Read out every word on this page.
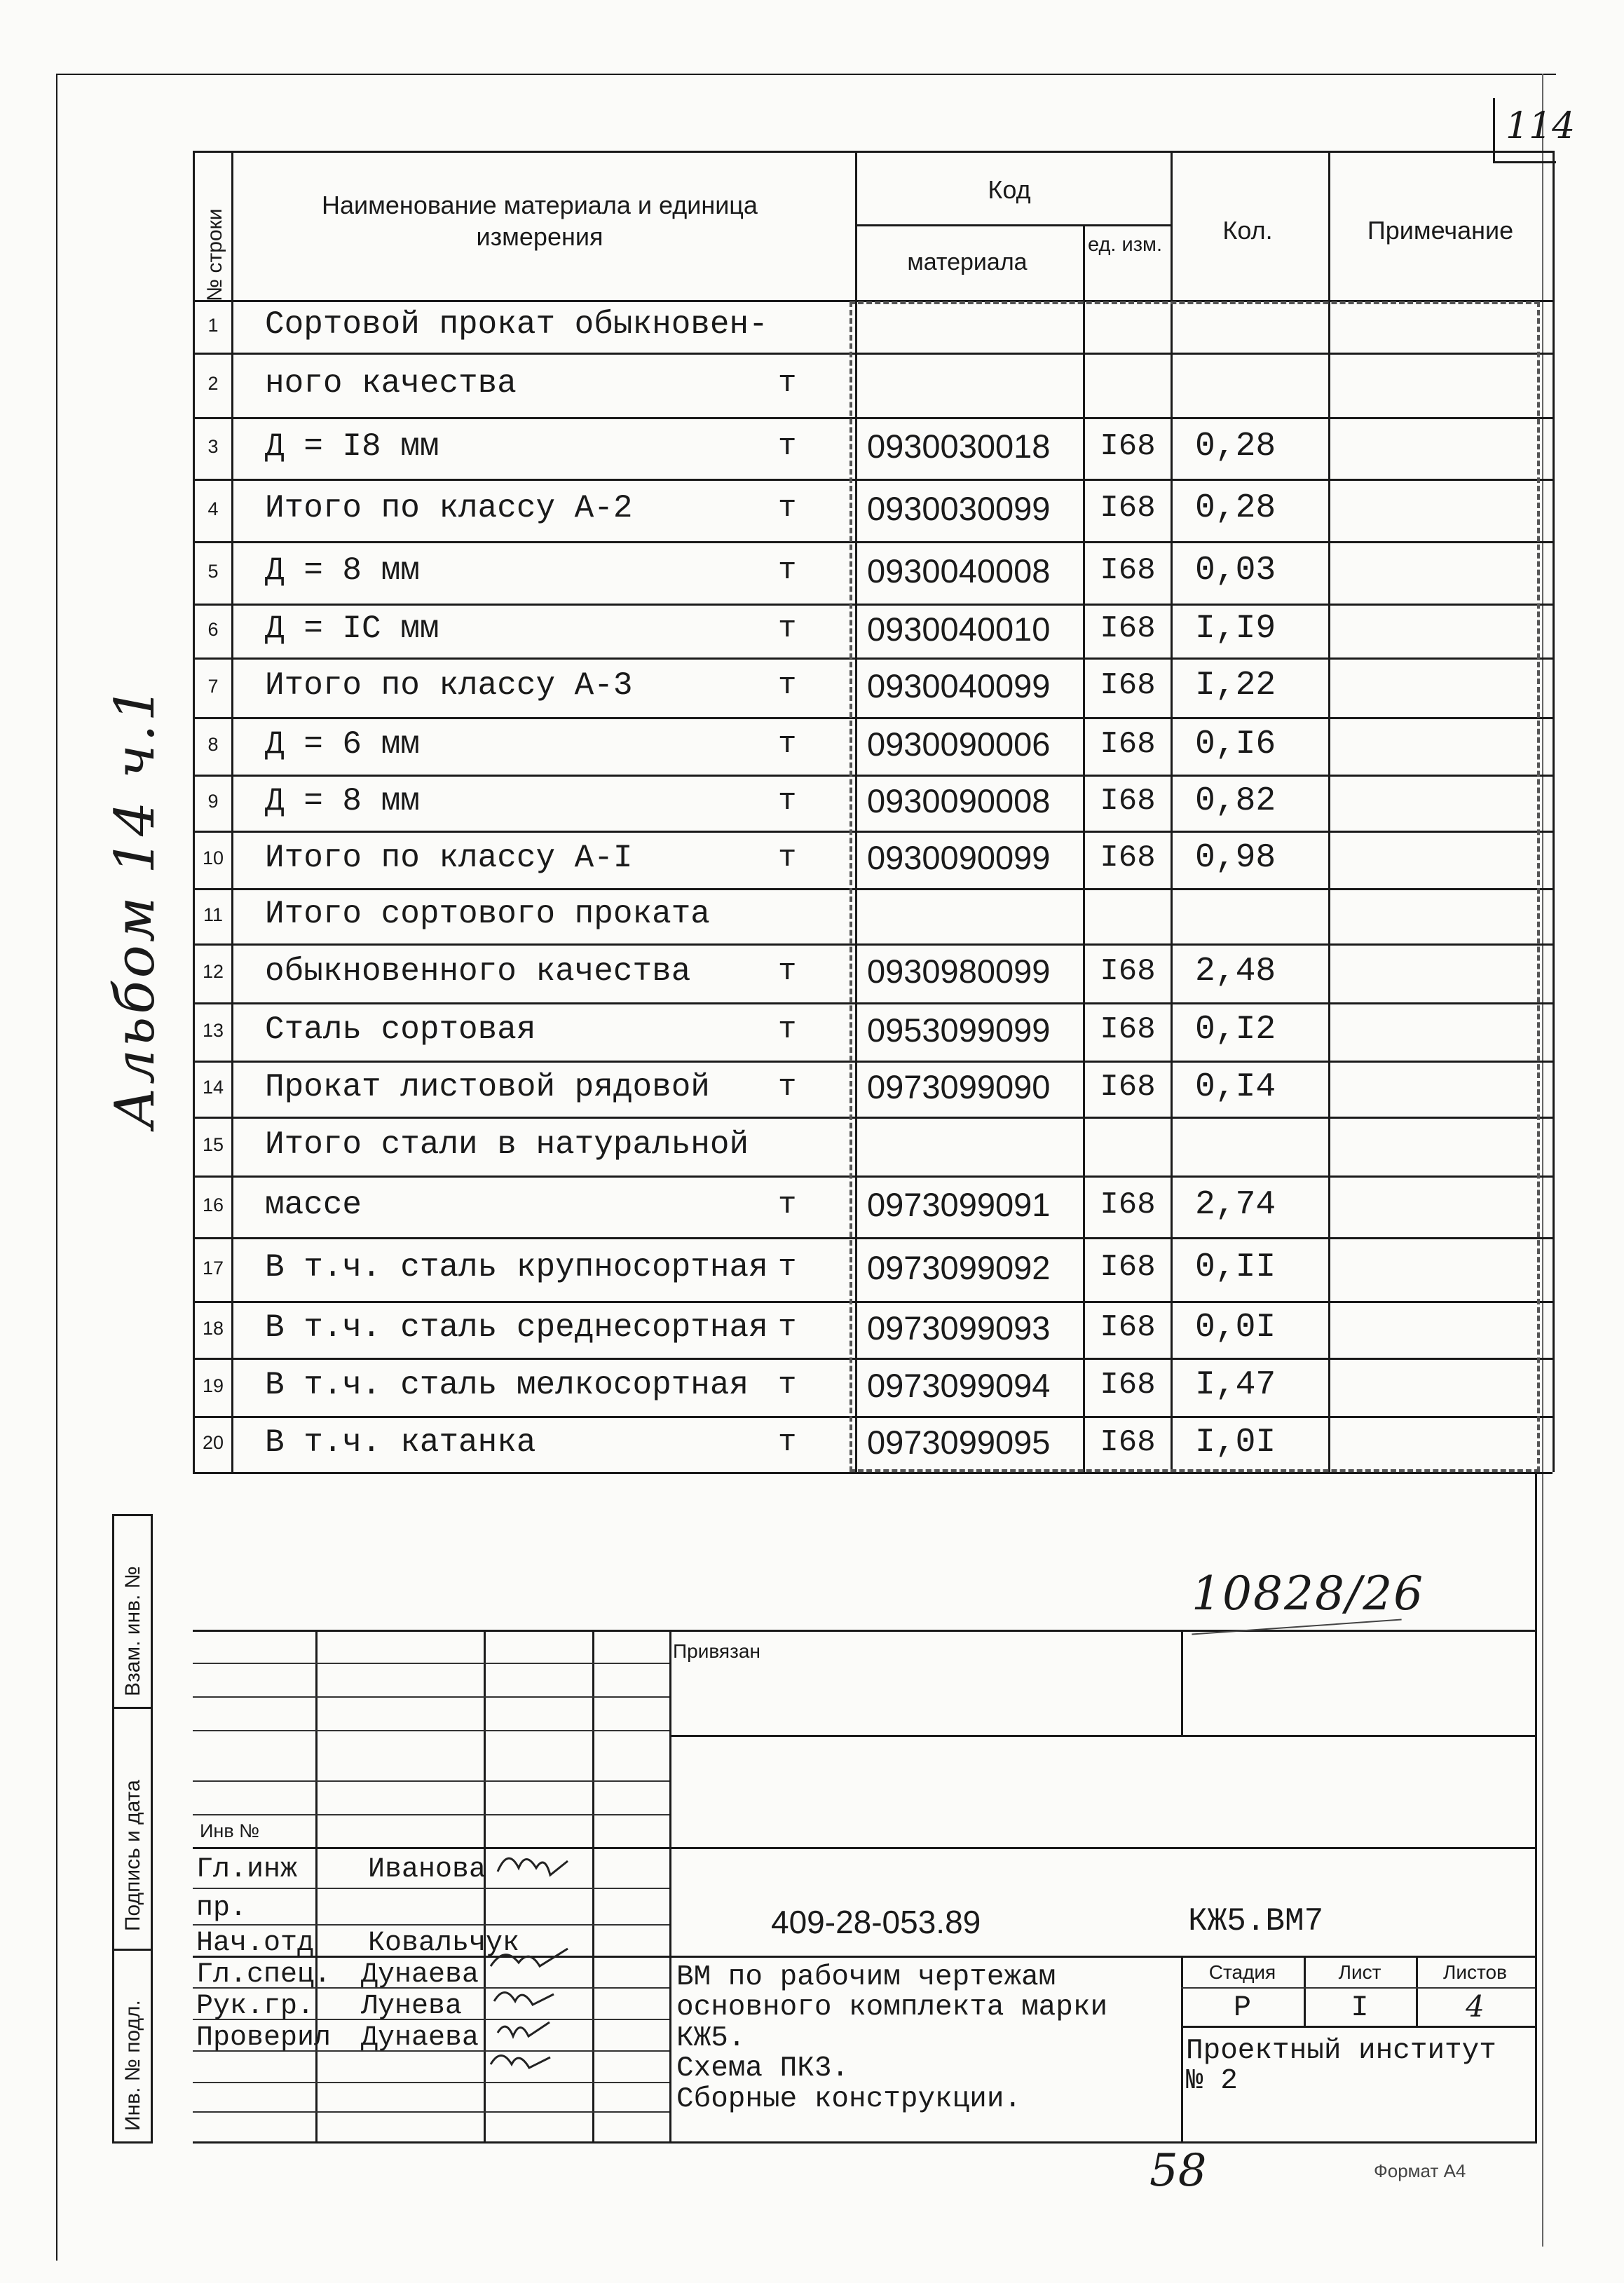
114
№ строки
Наименование материала и единица измерения
Код
материала
ед. изм.	Кол.	Примечание
1	Сортовой прокат обыкновен-
2	ного качества	т
3	Д = I8 мм	т 0930030018	I68	0,28
4	Итого по классу А-2	т 0930030099	I68	0,28
5	Д = 8 мм	т 0930040008	I68	0,03
6	Д = IC мм	т 0930040010	I68	I,I9
7	Итого по классу А-3	т 0930040099	I68	I,22
8	Д = 6 мм	т 0930090006	I68	0,I6
9	Д = 8 мм	т 0930090008	I68	0,82
10 Итого по классу А-I	т 0930090099	I68	0,98
11 Итого сортового проката
12 обыкновенного качества	т 0930980099	I68	2,48
13 Сталь сортовая	т 0953099099	I68	0,I2
14 Прокат листовой рядовой т 0973099090	I68	0,I4
15 Итого стали в натуральной
16 массе	т 0973099091	I68	2,74
17 В т.ч. сталь крупносортная т 0973099092	I68	0,II
18 В т.ч. сталь среднесортная т 0973099093	I68	0,0I
19 В т.ч. сталь мелкосортная т 0973099094	I68	I,47
20 В т.ч. катанка	т 0973099095	I68	I,0I
Альбом 14 ч.1
Взам. инв. №
Подпись и дата
Инв. № подл.
Привязан
Инв №
Гл.инж	Иванова
пр.
Нач.отд Ковальчук
Гл.спец. Дунаева
Рук.гр. Лунева
Проверил Дунаева
409-28-053.89	КЖ5.ВМ7
ВМ по рабочим чертежам
основного комплекта марки
КЖ5.
Схема ПК3.
Сборные конструкции.
Стадия	Лист	Листов
Р	I	4
Проектный институт
№ 2
10828/26
58	Формат А4
